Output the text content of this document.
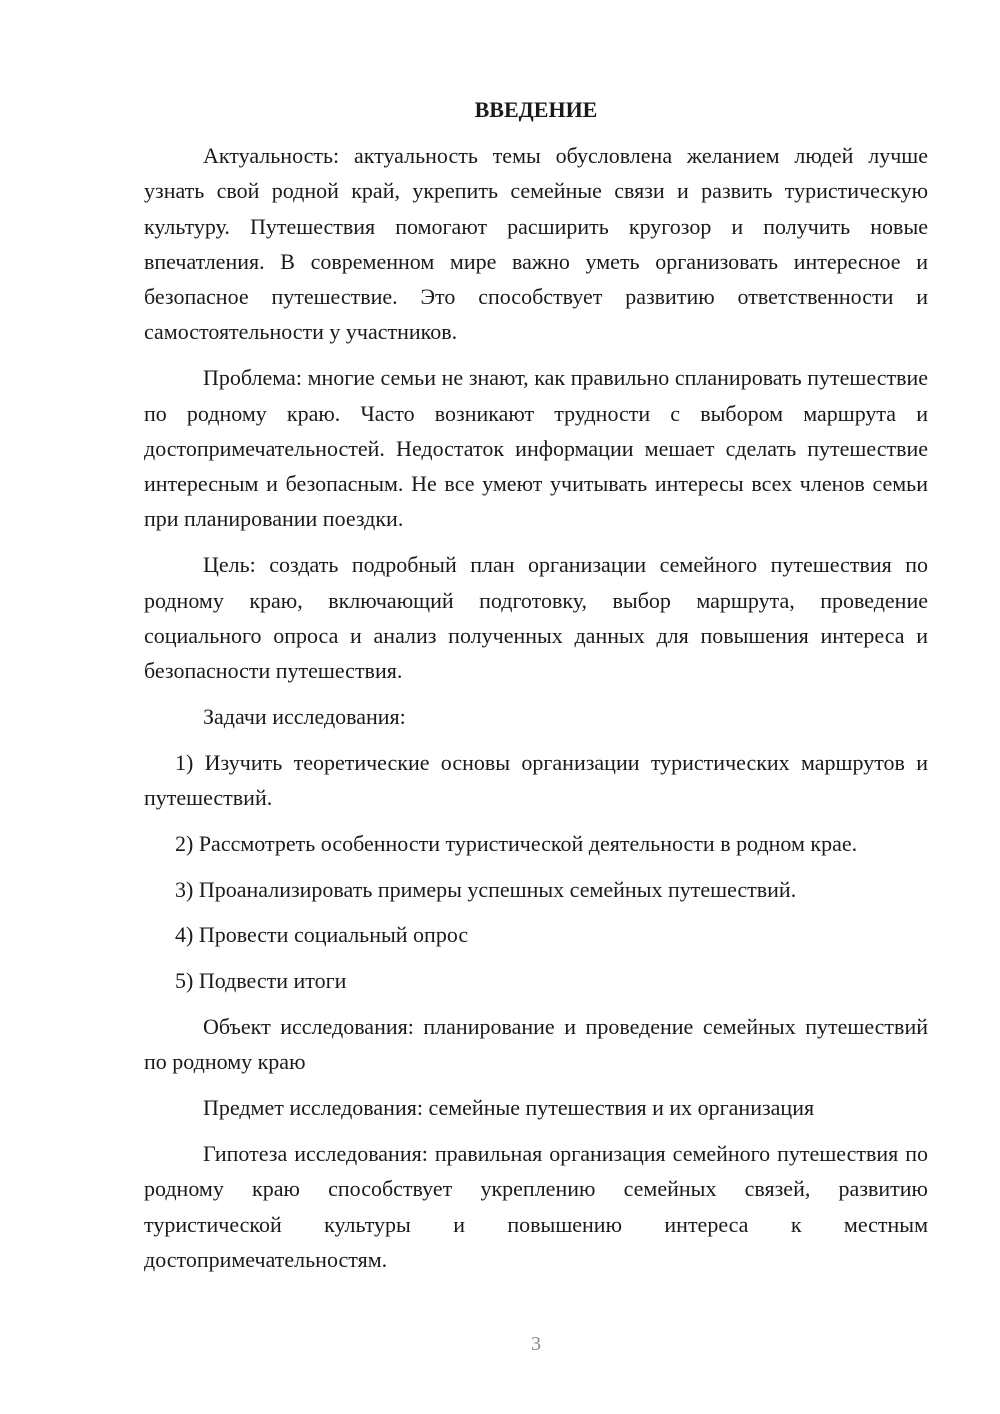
ВВЕДЕНИЕ

Актуальность: актуальность темы обусловлена желанием людей лучше узнать свой родной край, укрепить семейные связи и развить туристическую культуру. Путешествия помогают расширить кругозор и получить новые впечатления. В современном мире важно уметь организовать интересное и безопасное путешествие. Это способствует развитию ответственности и самостоятельности у участников.

Проблема: многие семьи не знают, как правильно спланировать путешествие по родному краю. Часто возникают трудности с выбором маршрута и достопримечательностей. Недостаток информации мешает сделать путешествие интересным и безопасным. Не все умеют учитывать интересы всех членов семьи при планировании поездки.

Цель: создать подробный план организации семейного путешествия по родному краю, включающий подготовку, выбор маршрута, проведение социального опроса и анализ полученных данных для повышения интереса и безопасности путешествия.

Задачи исследования:

1) Изучить теоретические основы организации туристических маршрутов и путешествий.

2) Рассмотреть особенности туристической деятельности в родном крае.

3) Проанализировать примеры успешных семейных путешествий.

4) Провести социальный опрос

5) Подвести итоги

Объект исследования: планирование и проведение семейных путешествий по родному краю

Предмет исследования: семейные путешествия и их организация

Гипотеза исследования: правильная организация семейного путешествия по родному краю способствует укреплению семейных связей, развитию туристической культуры и повышению интереса к местным достопримечательностям.

3
